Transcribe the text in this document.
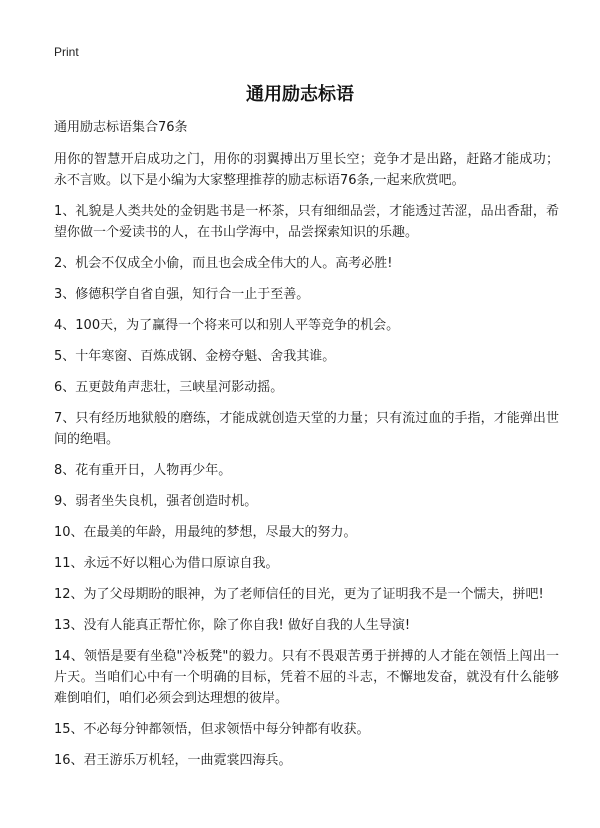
Print
通用励志标语
通用励志标语集合76条

用你的智慧开启成功之门，用你的羽翼搏出万里长空；竞争才是出路，赶路才能成功；永不言败。以下是小编为大家整理推荐的励志标语76条,一起来欣赏吧。

1、礼貌是人类共处的金钥匙书是一杯茶，只有细细品尝，才能透过苦涩，品出香甜，希望你做一个爱读书的人，在书山学海中，品尝探索知识的乐趣。

2、机会不仅成全小偷，而且也会成全伟大的人。高考必胜!

3、修德积学自省自强，知行合一止于至善。

4、100天，为了赢得一个将来可以和别人平等竞争的机会。

5、十年寒窗、百炼成钢、金榜夺魁、舍我其谁。

6、五更鼓角声悲壮，三峡星河影动摇。

7、只有经历地狱般的磨练，才能成就创造天堂的力量；只有流过血的手指，才能弹出世间的绝唱。

8、花有重开日，人物再少年。

9、弱者坐失良机，强者创造时机。

10、在最美的年龄，用最纯的梦想，尽最大的努力。

11、永远不好以粗心为借口原谅自我。

12、为了父母期盼的眼神，为了老师信任的目光，更为了证明我不是一个懦夫，拼吧!

13、没有人能真正帮忙你，除了你自我! 做好自我的人生导演!

14、领悟是要有坐稳"冷板凳"的毅力。只有不畏艰苦勇于拼搏的人才能在领悟上闯出一片天。当咱们心中有一个明确的目标，凭着不屈的斗志，不懈地发奋，就没有什么能够难倒咱们，咱们必须会到达理想的彼岸。

15、不必每分钟都领悟，但求领悟中每分钟都有收获。

16、君王游乐万机轻，一曲霓裳四海兵。
